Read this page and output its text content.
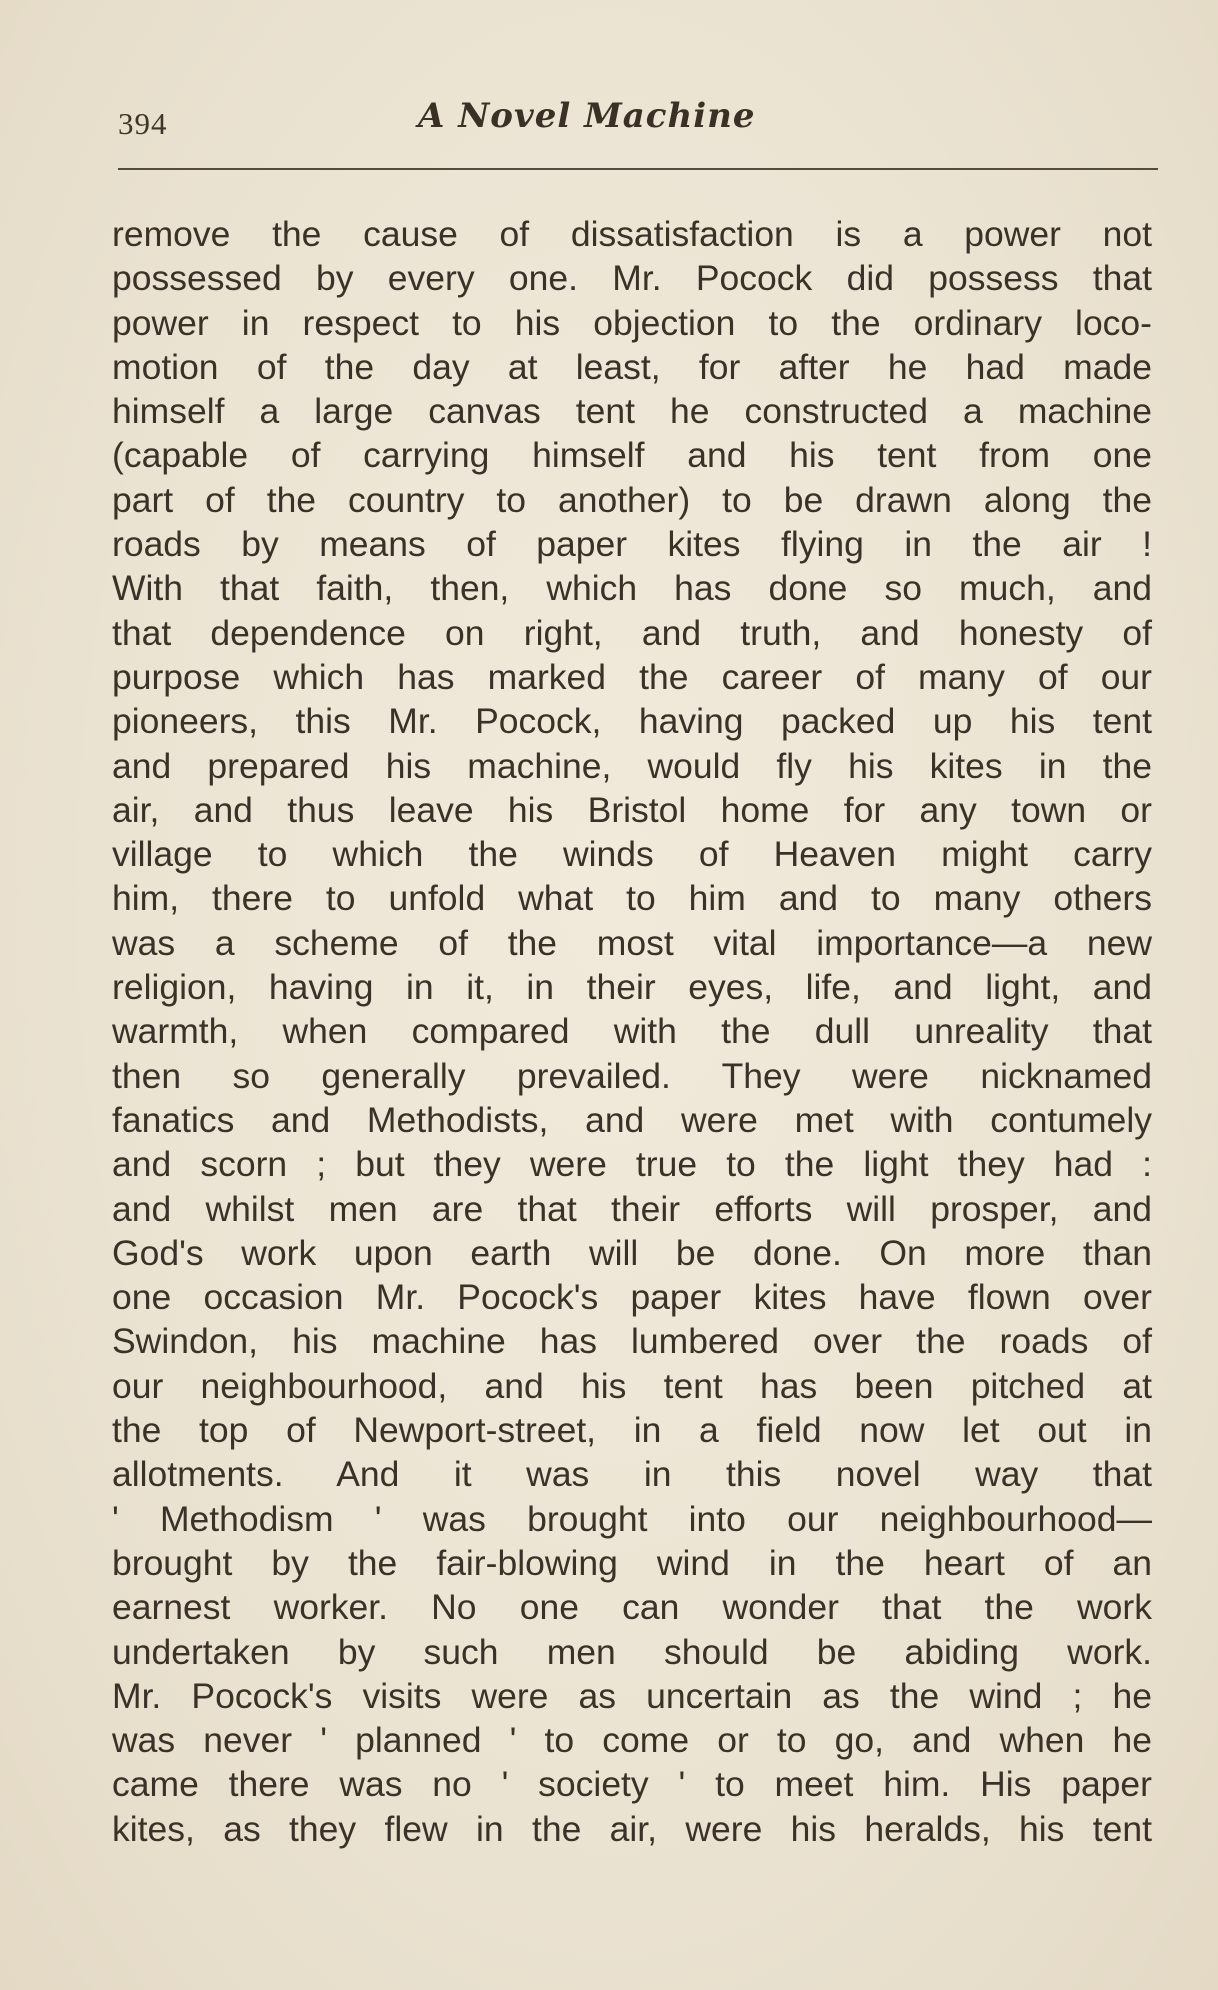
394	A Novel Machine
remove the cause of dissatisfaction is a power not
possessed by every one. Mr. Pocock did possess that
power in respect to his objection to the ordinary loco-
motion of the day at least, for after he had made
himself a large canvas tent he constructed a machine
(capable of carrying himself and his tent from one
part of the country to another) to be drawn along the
roads by means of paper kites flying in the air !
With that faith, then, which has done so much, and
that dependence on right, and truth, and honesty of
purpose which has marked the career of many of our
pioneers, this Mr. Pocock, having packed up his tent
and prepared his machine, would fly his kites in the
air, and thus leave his Bristol home for any town or
village to which the winds of Heaven might carry
him, there to unfold what to him and to many others
was a scheme of the most vital importance—a new
religion, having in it, in their eyes, life, and light, and
warmth, when compared with the dull unreality that
then so generally prevailed. They were nicknamed
fanatics and Methodists, and were met with contumely
and scorn ; but they were true to the light they had :
and whilst men are that their efforts will prosper, and
God's work upon earth will be done. On more than
one occasion Mr. Pocock's paper kites have flown over
Swindon, his machine has lumbered over the roads of
our neighbourhood, and his tent has been pitched at
the top of Newport-street, in a field now let out in
allotments. And it was in this novel way that
' Methodism ' was brought into our neighbourhood—
brought by the fair-blowing wind in the heart of an
earnest worker. No one can wonder that the work
undertaken by such men should be abiding work.
Mr. Pocock's visits were as uncertain as the wind ; he
was never ' planned ' to come or to go, and when he
came there was no ' society ' to meet him. His paper
kites, as they flew in the air, were his heralds, his tent
